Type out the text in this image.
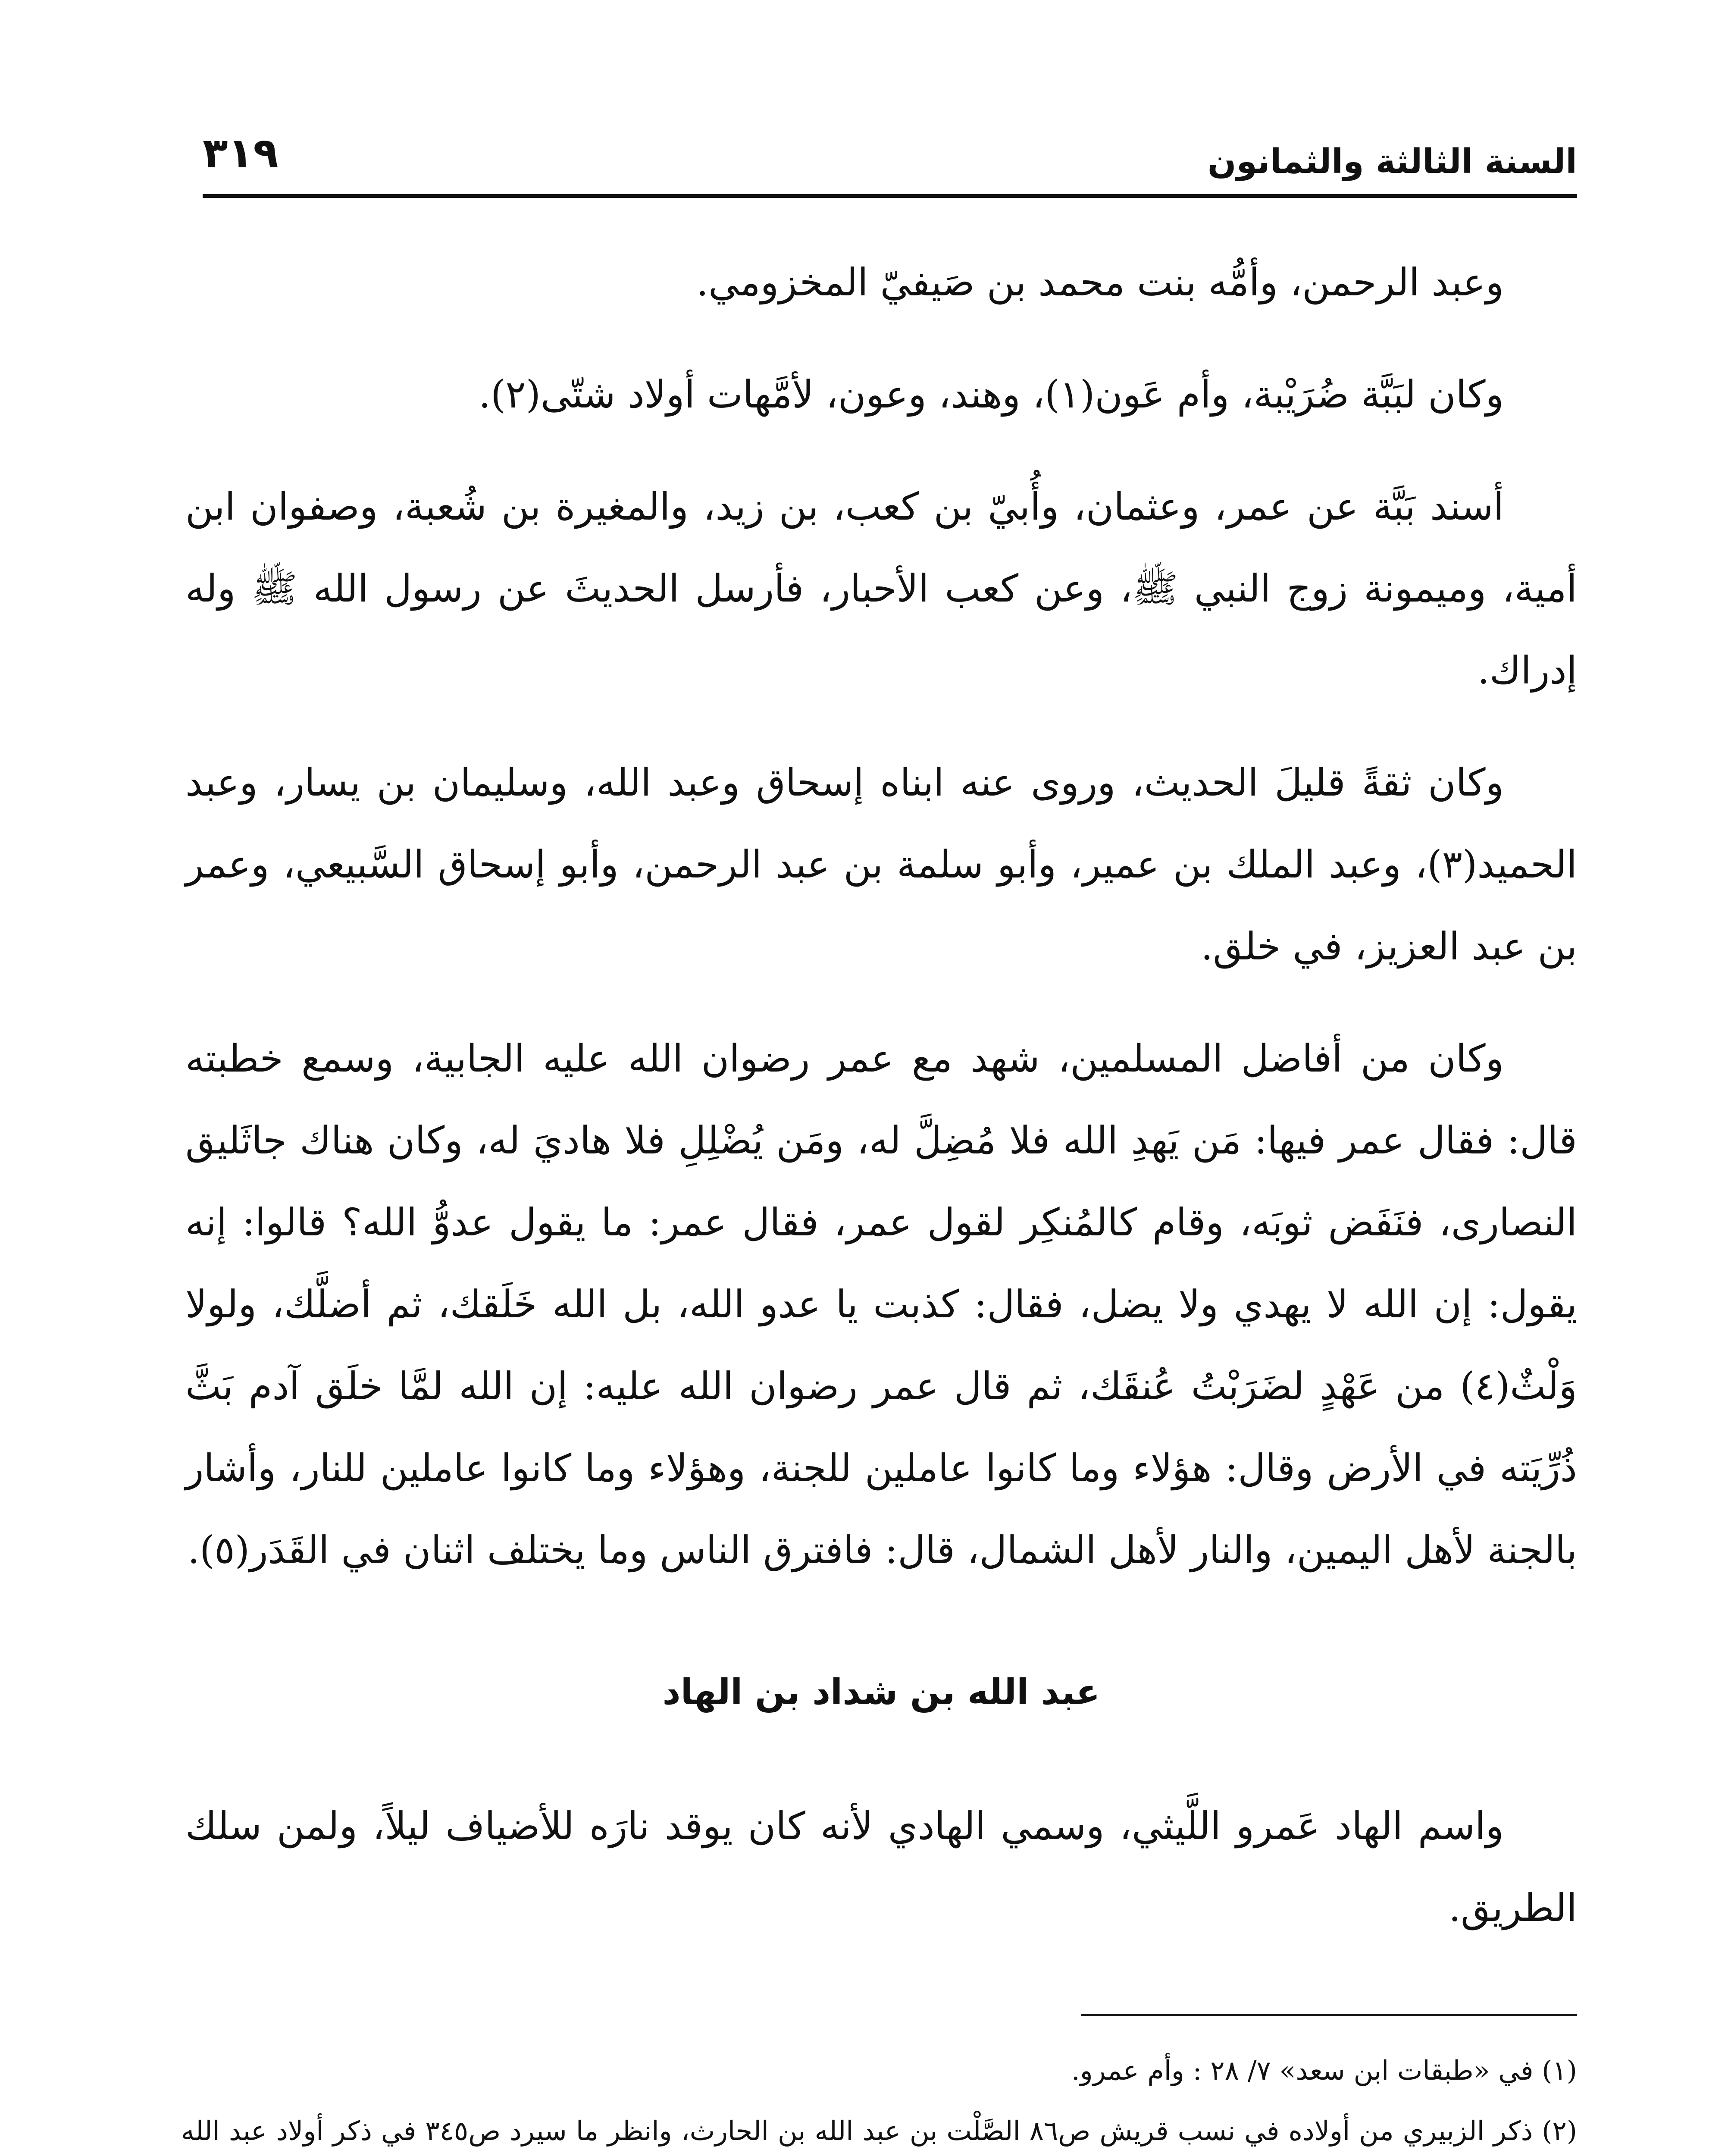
السنة الثالثة والثمانون
٣١٩

وعبد الرحمن، وأمُّه بنت محمد بن صَيفيّ المخزومي.

وكان لبَبَّة ضُرَيْبة، وأم عَون(١)، وهند، وعون، لأمَّهات أولاد شتّى(٢).

أسند بَبَّة عن عمر، وعثمان، وأُبيّ بن كعب، بن زيد، والمغيرة بن شُعبة، وصفوان ابن أمية، وميمونة زوج النبي ﷺ، وعن كعب الأحبار، فأرسل الحديثَ عن رسول الله ﷺ وله إدراك.

وكان ثقةً قليلَ الحديث، وروى عنه ابناه إسحاق وعبد الله، وسليمان بن يسار، وعبد الحميد(٣)، وعبد الملك بن عمير، وأبو سلمة بن عبد الرحمن، وأبو إسحاق السَّبيعي، وعمر بن عبد العزيز، في خلق.

وكان من أفاضل المسلمين، شهد مع عمر رضوان الله عليه الجابية، وسمع خطبته قال: فقال عمر فيها: مَن يَهدِ الله فلا مُضِلَّ له، ومَن يُضْلِلِ فلا هاديَ له، وكان هناك جاثَليق النصارى، فنَفَض ثوبَه، وقام كالمُنكِر لقول عمر، فقال عمر: ما يقول عدوُّ الله؟ قالوا: إنه يقول: إن الله لا يهدي ولا يضل، فقال: كذبت يا عدو الله، بل الله خَلَقك، ثم أضلَّك، ولولا وَلْثٌ(٤) من عَهْدٍ لضَرَبْتُ عُنقَك، ثم قال عمر رضوان الله عليه: إن الله لمَّا خلَق آدم بَثَّ ذُرِّيَته في الأرض وقال: هؤلاء وما كانوا عاملين للجنة، وهؤلاء وما كانوا عاملين للنار، وأشار بالجنة لأهل اليمين، والنار لأهل الشمال، قال: فافترق الناس وما يختلف اثنان في القَدَر(٥).

عبد الله بن شداد بن الهاد

واسم الهاد عَمرو اللَّيثي، وسمي الهادي لأنه كان يوقد نارَه للأضياف ليلاً، ولمن سلك الطريق.

(١) في «طبقات ابن سعد» ٧/ ٢٨ : وأم عمرو.

(٢) ذكر الزبيري من أولاده في نسب قريش ص٨٦ الصَّلْت بن عبد الله بن الحارث، وانظر ما سيرد ص٣٤٥ في ذكر أولاد عبد الله
